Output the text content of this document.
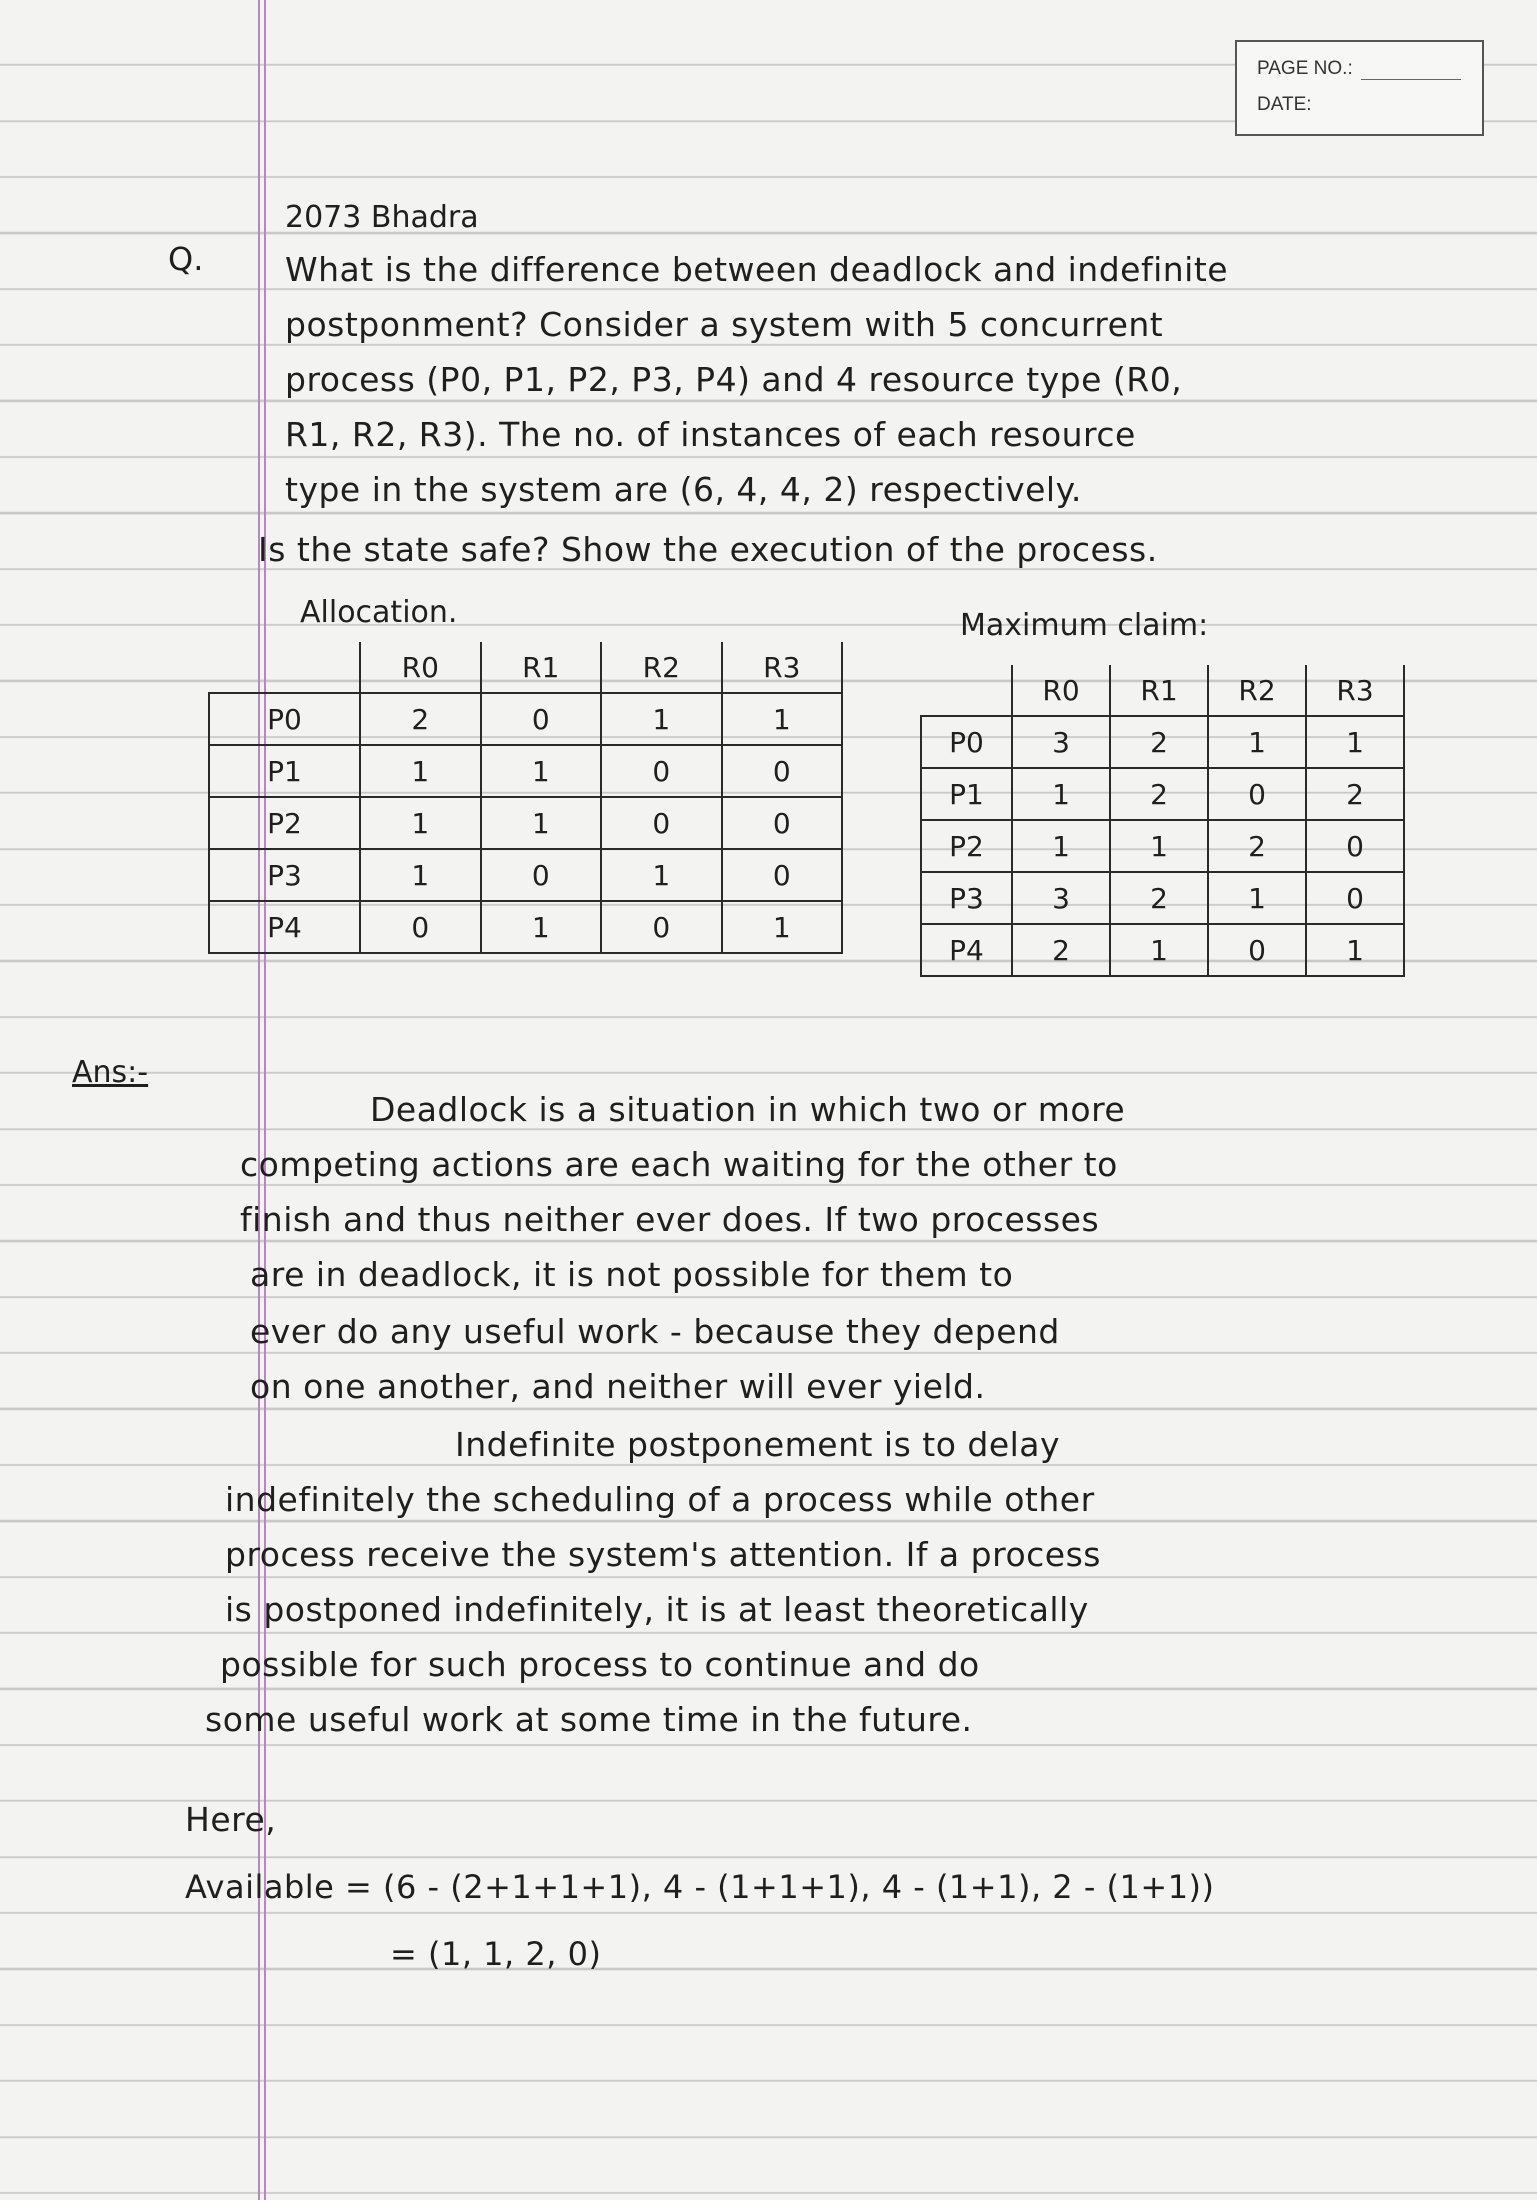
PAGE NO.:
DATE:
2073 Bhadra
Q. What is the difference between deadlock and indefinite
postponment? Consider a system with 5 concurrent
process (P0, P1, P2, P3, P4) and 4 resource type (R0,
R1, R2, R3). The no. of instances of each resource
type in the system are (6, 4, 4, 2) respectively.
Is the state safe? Show the execution of the process.
Allocation.	Maximum claim:
	R0	R1	R2	R3
P0	2	0	1	1
P1	1	1	0	0
P2	1	1	0	0
P3	1	0	1	0
P4	0	1	0	1
	R0	R1	R2	R3
P0	3	2	1	1
P1	1	2	0	2
P2	1	1	2	0
P3	3	2	1	0
P4	2	1	0	1
Ans:-
Deadlock is a situation in which two or more
competing actions are each waiting for the other to
finish and thus neither ever does. If two processes
are in deadlock, it is not possible for them to
ever do any useful work - because they depend
on one another, and neither will ever yield.
Indefinite postponement is to delay
indefinitely the scheduling of a process while other
process receive the system's attention. If a process
is postponed indefinitely, it is at least theoretically
possible for such process to continue and do
some useful work at some time in the future.
Here,
Available = (6 - (2+1+1+1), 4 - (1+1+1), 4 - (1+1), 2 - (1+1))
= (1, 1, 2, 0)
